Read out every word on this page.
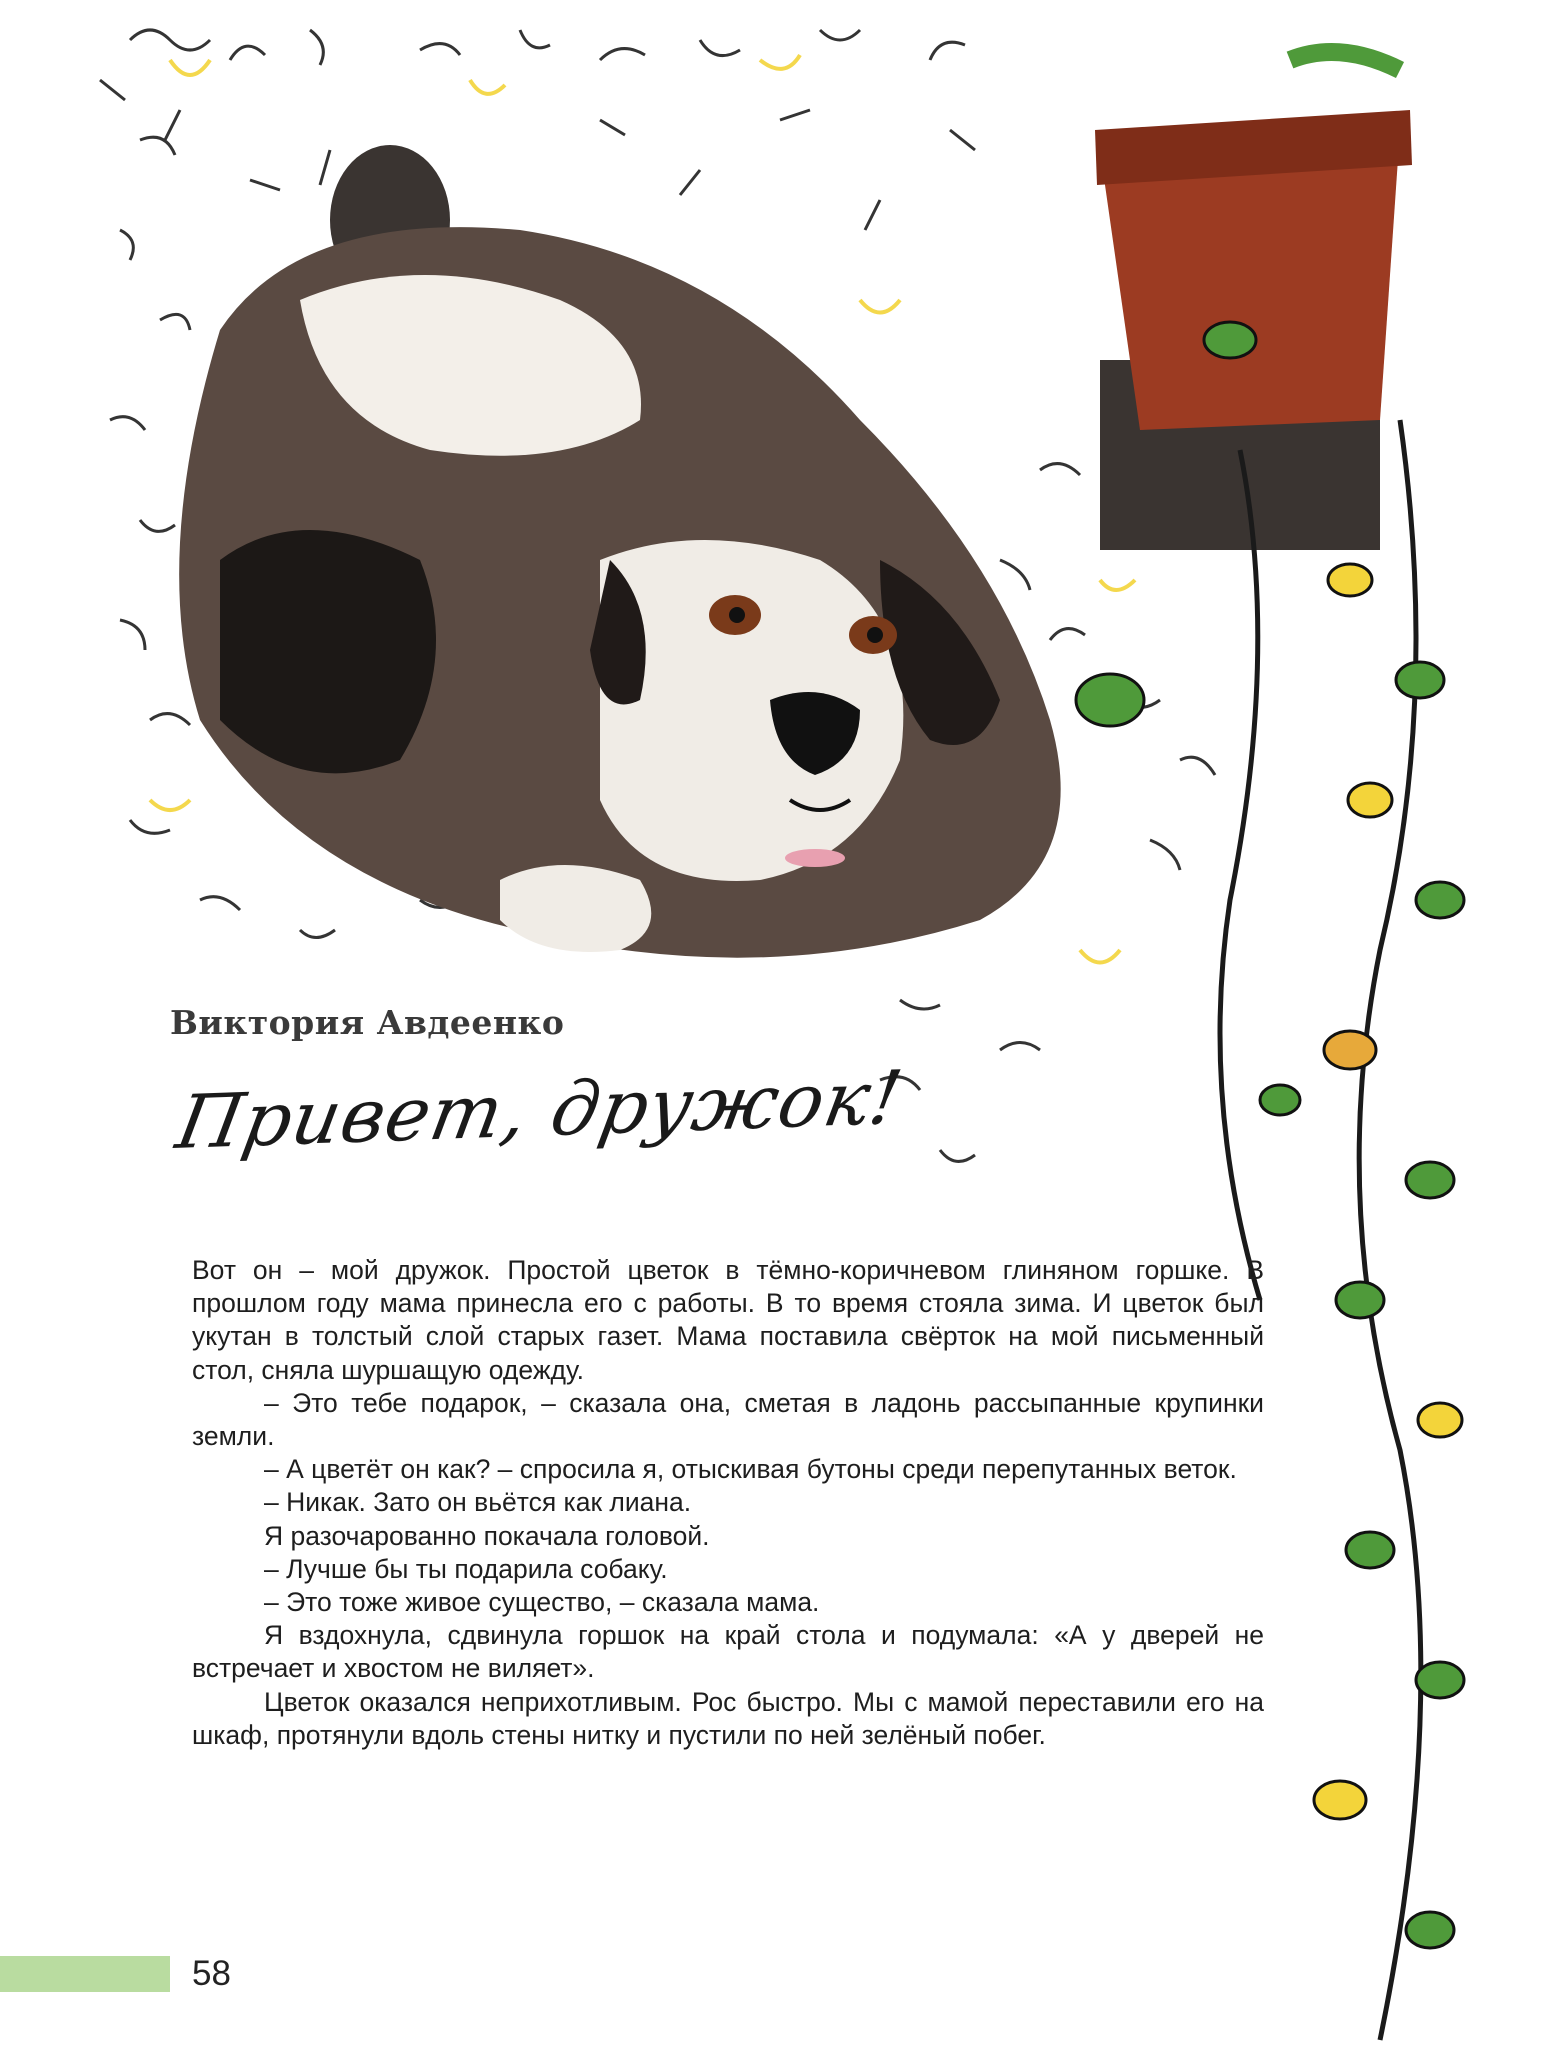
Виктория Авдеенко
Привет, дружок!

Вот он – мой дружок. Простой цветок в тёмно-коричневом глиняном горшке. В прошлом году мама принесла его с работы. В то время стояла зима. И цветок был укутан в толстый слой старых газет. Мама поставила свёрток на мой письменный стол, сняла шуршащую одежду.

– Это тебе подарок, – сказала она, сметая в ладонь рассыпанные крупинки земли.

– А цветёт он как? – спросила я, отыскивая бутоны среди перепутанных веток.

– Никак. Зато он вьётся как лиана.

Я разочарованно покачала головой.

– Лучше бы ты подарила собаку.

– Это тоже живое существо, – сказала мама.

Я вздохнула, сдвинула горшок на край стола и подумала: «А у дверей не встречает и хвостом не виляет».

Цветок оказался неприхотливым. Рос быстро. Мы с мамой переставили его на шкаф, протянули вдоль стены нитку и пустили по ней зелёный побег.

58
